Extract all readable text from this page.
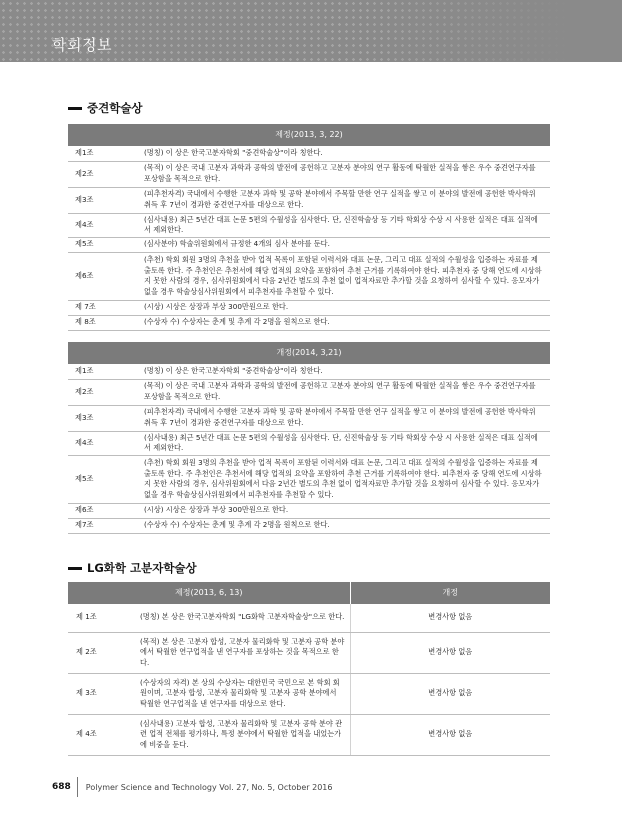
학회정보
중견학술상
제정(2013, 3, 22)	
제1조	(명칭) 이 상은 한국고분자학회 "중견학술상"이라 칭한다.
제2조	(목적) 이 상은 국내 고분자 과학과 공학의 발전에 공헌하고 고분자 분야의 연구 활동에 탁월한 실적을 쌓은 우수 중견연구자를 포상함을 목적으로 한다.
제3조	(피추천자격) 국내에서 수행한 고분자 과학 및 공학 분야에서 주목할 만한 연구 실적을 쌓고 이 분야의 발전에 공헌한 박사학위 취득 후 7년이 경과한 중견연구자를 대상으로 한다.
제4조	(심사내용) 최근 5년간 대표 논문 5편의 수월성을 심사한다. 단, 신진학술상 등 기타 학회상 수상 시 사용한 실적은 대표 실적에서 제외한다.
제5조	(심사분야) 학술위원회에서 규정한 4개의 심사 분야를 둔다.
제6조	(추천) 학회 회원 3명의 추천을 받아 업적 목록이 포함된 이력서와 대표 논문, 그리고 대표 실적의 수월성을 입증하는 자료를 제출토록 한다. 주 추천인은 추천서에 해당 업적의 요약을 포함하여 추천 근거를 기록하여야 한다. 피추천자 중 당해 연도에 시상하지 못한 사람의 경우, 심사위원회에서 다음 2년간 별도의 추천 없이 업적자료만 추가할 것을 요청하여 심사할 수 있다. 응모자가 없을 경우 학술상심사위원회에서 피추천자를 추천할 수 있다.
제 7조	(시상) 시상은 상장과 부상 300만원으로 한다.
제 8조	(수상자 수) 수상자는 춘계 및 추계 각 2명을 원칙으로 한다.
개정(2014, 3,21)	
제1조	(명칭) 이 상은 한국고분자학회 "중견학술상"이라 칭한다.
제2조	(목적) 이 상은 국내 고분자 과학과 공학의 발전에 공헌하고 고분자 분야의 연구 활동에 탁월한 실적을 쌓은 우수 중견연구자를 포상함을 목적으로 한다.
제3조	(피추천자격) 국내에서 수행한 고분자 과학 및 공학 분야에서 주목할 만한 연구 실적을 쌓고 이 분야의 발전에 공헌한 박사학위 취득 후 7년이 경과한 중견연구자를 대상으로 한다.
제4조	(심사내용) 최근 5년간 대표 논문 5편의 수월성을 심사한다. 단, 신진학술상 등 기타 학회상 수상 시 사용한 실적은 대표 실적에서 제외한다.
제5조	(추천) 학회 회원 3명의 추천을 받아 업적 목록이 포함된 이력서와 대표 논문, 그리고 대표 실적의 수월성을 입증하는 자료를 제출토록 한다. 주 추천인은 추천서에 해당 업적의 요약을 포함하여 추천 근거를 기록하여야 한다. 피추천자 중 당해 연도에 시상하지 못한 사람의 경우, 심사위원회에서 다음 2년간 별도의 추천 없이 업적자료만 추가할 것을 요청하여 심사할 수 있다. 응모자가 없을 경우 학술상심사위원회에서 피추천자를 추천할 수 있다.
제6조	(시상) 시상은 상장과 부상 300만원으로 한다.
제7조	(수상자 수) 수상자는 춘계 및 추계 각 2명을 원칙으로 한다.
LG화학 고분자학술상
제정(2013, 6, 13)		개정
제 1조	(명칭) 본 상은 한국고분자학회 "LG화학 고분자학술상"으로 한다.	변경사항 없음
제 2조	(목적) 본 상은 고분자 합성, 고분자 물리화학 및 고분자 공학 분야에서 탁월한 연구업적을 낸 연구자를 포상하는 것을 목적으로 한다.	변경사항 없음
제 3조	(수상자의 자격) 본 상의 수상자는 대한민국 국민으로 본 학회 회원이며, 고분자 합성, 고분자 물리화학 및 고분자 공학 분야에서 탁월한 연구업적을 낸 연구자를 대상으로 한다.	변경사항 없음
제 4조	(심사내용) 고분자 합성, 고분자 물리화학 및 고분자 공학 분야 관련 업적 전체를 평가하나, 특정 분야에서 탁월한 업적을 내었는가에 비중을 둔다.	변경사항 없음
688 Polymer Science and Technology Vol. 27, No. 5, October 2016
